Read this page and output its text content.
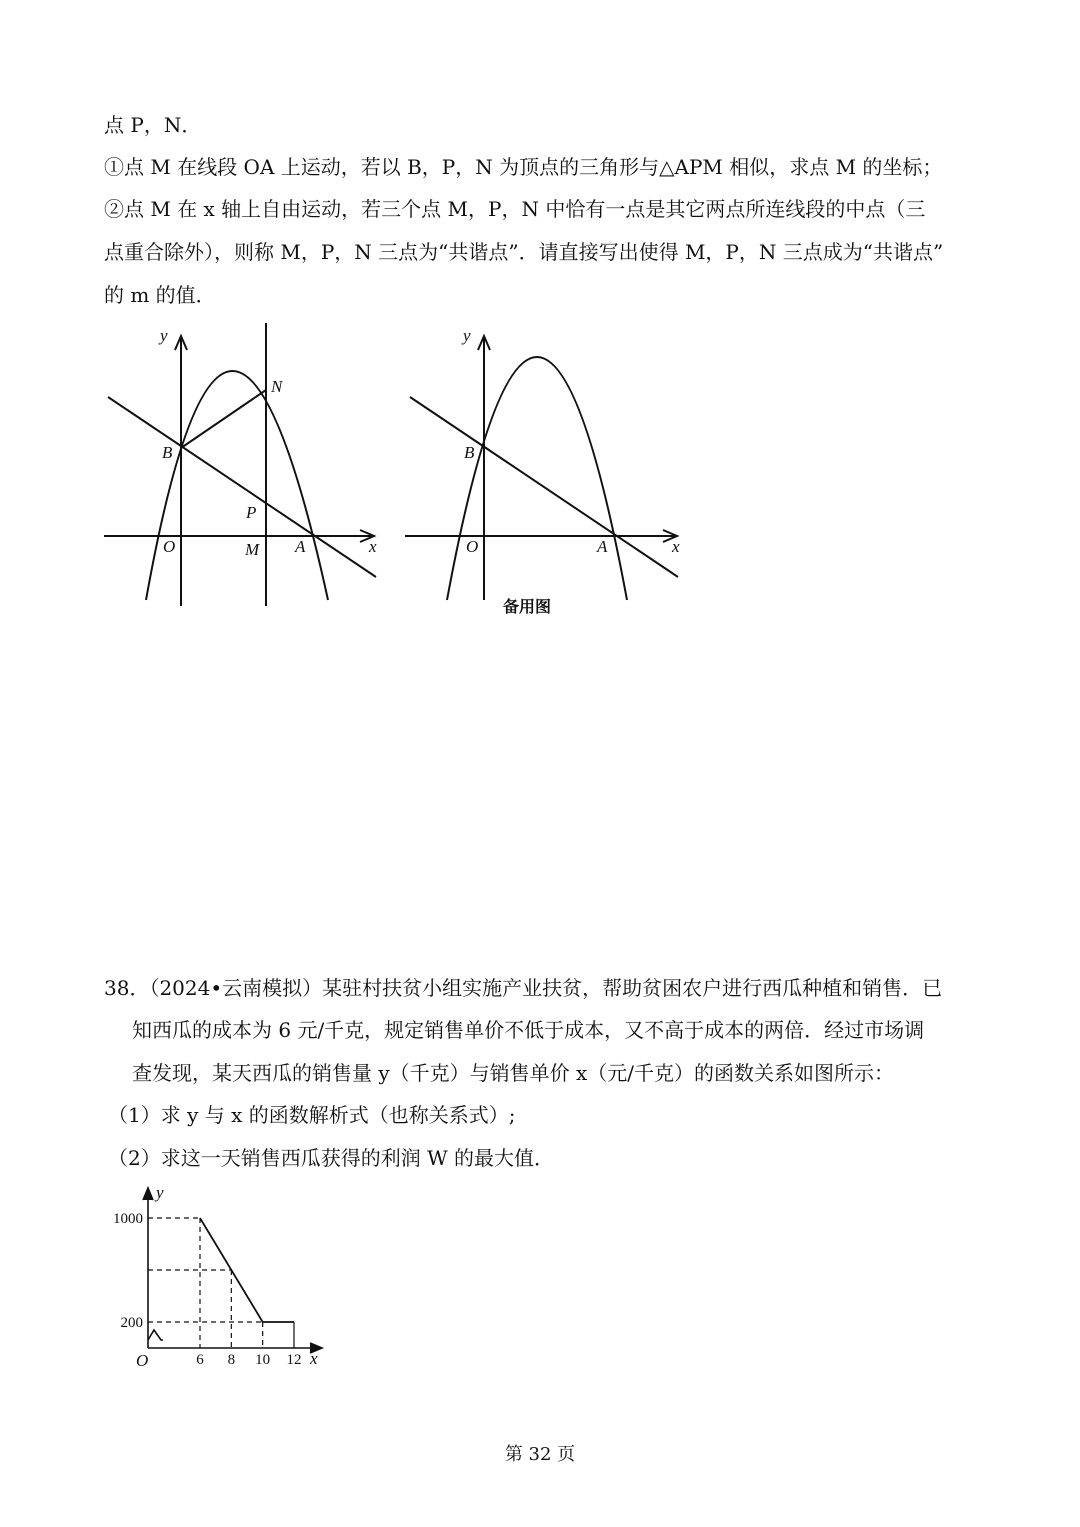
点 P，N．
①点 M 在线段 OA 上运动，若以 B，P，N 为顶点的三角形与△APM 相似，求点 M 的坐标；
②点 M 在 x 轴上自由运动，若三个点 M，P，N 中恰有一点是其它两点所连线段的中点（三
点重合除外），则称 M，P，N 三点为“共谐点”．请直接写出使得 M，P，N 三点成为“共谐点”
的 m 的值．
y
x
O	A
B
M
N
P
y
x
O	A
B
备用图
38．（2024•云南模拟）某驻村扶贫小组实施产业扶贫，帮助贫困农户进行西瓜种植和销售．已
知西瓜的成本为 6 元/千克，规定销售单价不低于成本，又不高于成本的两倍．经过市场调
查发现，某天西瓜的销售量 y（千克）与销售单价 x（元/千克）的函数关系如图所示：
（1）求 y 与 x 的函数解析式（也称关系式）;
（2）求这一天销售西瓜获得的利润 W 的最大值．
6 8 10 12
1000
200
O	x
y
第 32 页
